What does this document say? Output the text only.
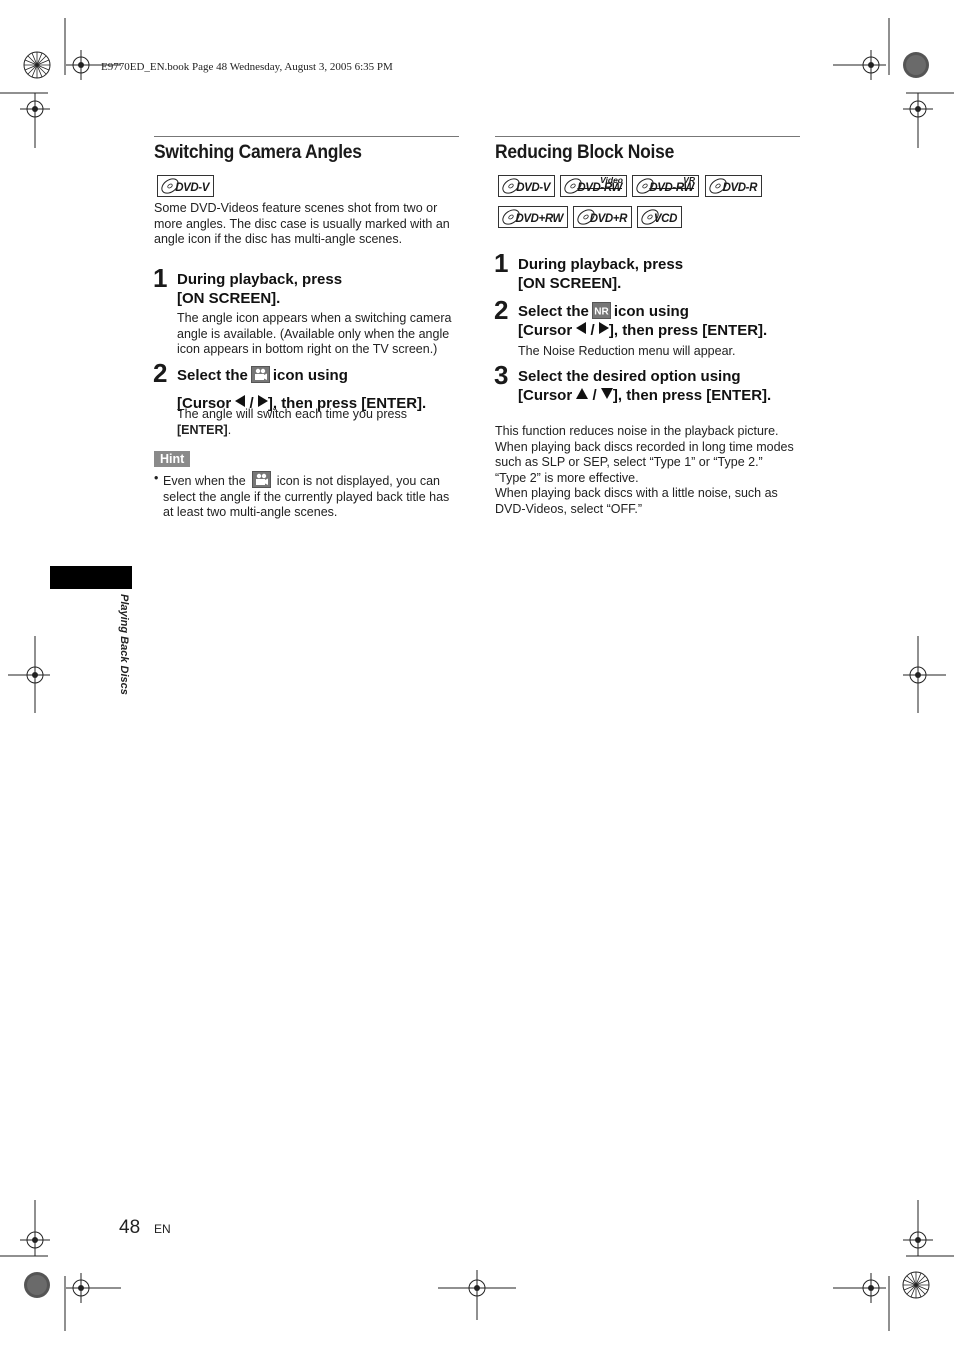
E9770ED_EN.book Page 48 Wednesday, August 3, 2005 6:35 PM
Switching Camera Angles
DVD-V
Some DVD-Videos feature scenes shot from two or more angles. The disc case is usually marked with an angle icon if the disc has multi-angle scenes.
1 During playback, press
[ON SCREEN].
The angle icon appears when a switching camera angle is available. (Available only when the angle icon appears in bottom right on the TV screen.)
2 Select the icon using
[Cursor / ], then press [ENTER].
The angle will switch each time you press
[ENTER].
Hint
• Even when the icon is not displayed, you can select the angle if the currently played back title has at least two multi-angle scenes.
Reducing Block Noise
DVD-V
Video
DVD-RW
VR
DVD-RW DVD-R
DVD+RW DVD+R VCD
1 During playback, press
[ON SCREEN].
2 Select the NR icon using
[Cursor / ], then press [ENTER].
The Noise Reduction menu will appear.
3 Select the desired option using
[Cursor / ], then press [ENTER].
This function reduces noise in the playback picture.
When playing back discs recorded in long time modes such as SLP or SEP, select “Type 1” or “Type 2.”
“Type 2” is more effective.
When playing back discs with a little noise, such as DVD-Videos, select “OFF.”
Playing Back Discs
48 EN
